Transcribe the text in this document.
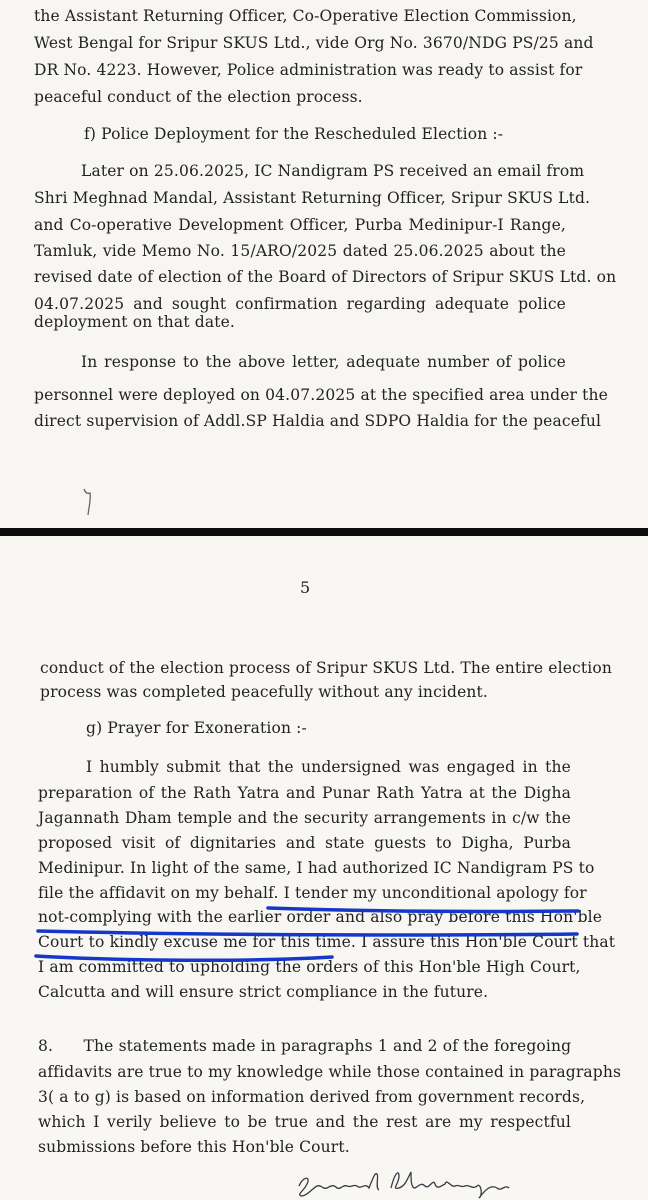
the Assistant Returning Officer, Co-Operative Election Commission,
West Bengal for Sripur SKUS Ltd., vide Org No. 3670/NDG PS/25 and
DR No. 4223. However, Police administration was ready to assist for
peaceful conduct of the election process.
f) Police Deployment for the Rescheduled Election :-
Later on 25.06.2025, IC Nandigram PS received an email from
Shri Meghnad Mandal, Assistant Returning Officer, Sripur SKUS Ltd.
and Co-operative Development Officer, Purba Medinipur-I Range,
Tamluk, vide Memo No. 15/ARO/2025 dated 25.06.2025 about the
revised date of election of the Board of Directors of Sripur SKUS Ltd. on
04.07.2025 and sought confirmation regarding adequate police
deployment on that date.
In response to the above letter, adequate number of police
personnel were deployed on 04.07.2025 at the specified area under the
direct supervision of Addl.SP Haldia and SDPO Haldia for the peaceful
5
conduct of the election process of Sripur SKUS Ltd. The entire election
process was completed peacefully without any incident.
g) Prayer for Exoneration :-
I humbly submit that the undersigned was engaged in the
preparation of the Rath Yatra and Punar Rath Yatra at the Digha
Jagannath Dham temple and the security arrangements in c/w the
proposed visit of dignitaries and state guests to Digha, Purba
Medinipur. In light of the same, I had authorized IC Nandigram PS to
file the affidavit on my behalf. I tender my unconditional apology for
not-complying with the earlier order and also pray before this Hon'ble
Court to kindly excuse me for this time. I assure this Hon'ble Court that
I am committed to upholding the orders of this Hon'ble High Court,
Calcutta and will ensure strict compliance in the future.
8.      The statements made in paragraphs 1 and 2 of the foregoing
affidavits are true to my knowledge while those contained in paragraphs
3( a to g) is based on information derived from government records,
which I verily believe to be true and the rest are my respectful
submissions before this Hon'ble Court.
